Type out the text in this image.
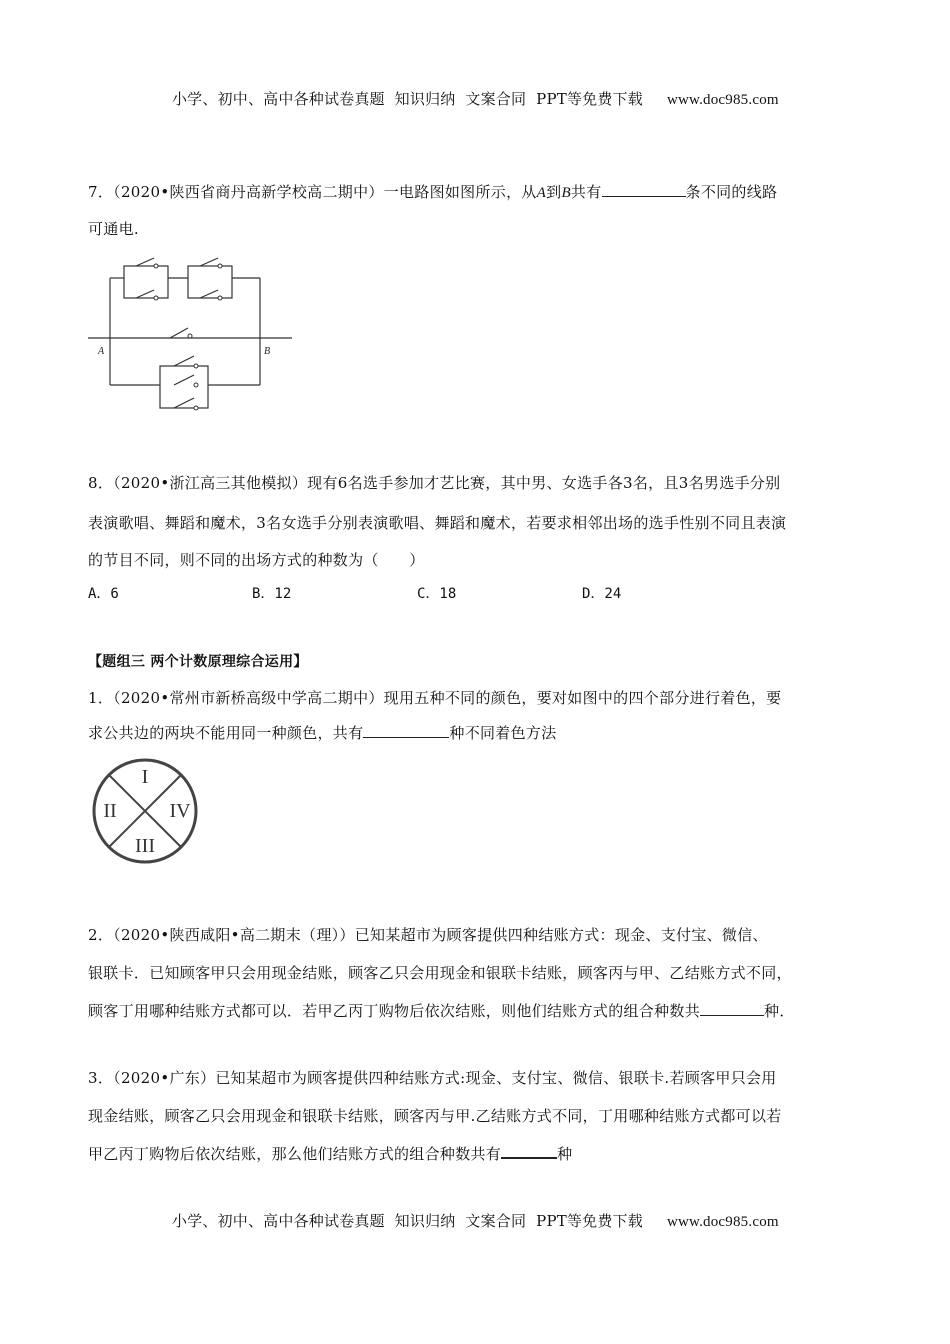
小学、初中、高中各种试卷真题  知识归纳  文案合同  PPT等免费下载 www.doc985.com

7．（2020•陕西省商丹高新学校高二期中）一电路图如图所示，从A到B共有	条不同的线路
可通电.
A	B
8．（2020•浙江高三其他模拟）现有6名选手参加才艺比赛，其中男、女选手各3名，且3名男选手分别
表演歌唱、舞蹈和魔术，3名女选手分别表演歌唱、舞蹈和魔术，若要求相邻出场的选手性别不同且表演
的节目不同，则不同的出场方式的种数为（　　）
A．6	B．12	C．18	D．24
【题组三 两个计数原理综合运用】
1．（2020•常州市新桥高级中学高二期中）现用五种不同的颜色，要对如图中的四个部分进行着色，要
求公共边的两块不能用同一种颜色，共有	种不同着色方法
I
II
III
IV
2．（2020•陕西咸阳•高二期末（理））已知某超市为顾客提供四种结账方式：现金、支付宝、微信、
银联卡．已知顾客甲只会用现金结账，顾客乙只会用现金和银联卡结账，顾客丙与甲、乙结账方式不同，
顾客丁用哪种结账方式都可以．若甲乙丙丁购物后依次结账，则他们结账方式的组合种数共	种．
3．（2020•广东）已知某超市为顾客提供四种结账方式:现金、支付宝、微信、银联卡.若顾客甲只会用
现金结账，顾客乙只会用现金和银联卡结账，顾客丙与甲.乙结账方式不同，丁用哪种结账方式都可以若
甲乙丙丁购物后依次结账，那么他们结账方式的组合种数共有	种

小学、初中、高中各种试卷真题  知识归纳  文案合同  PPT等免费下载 www.doc985.com
